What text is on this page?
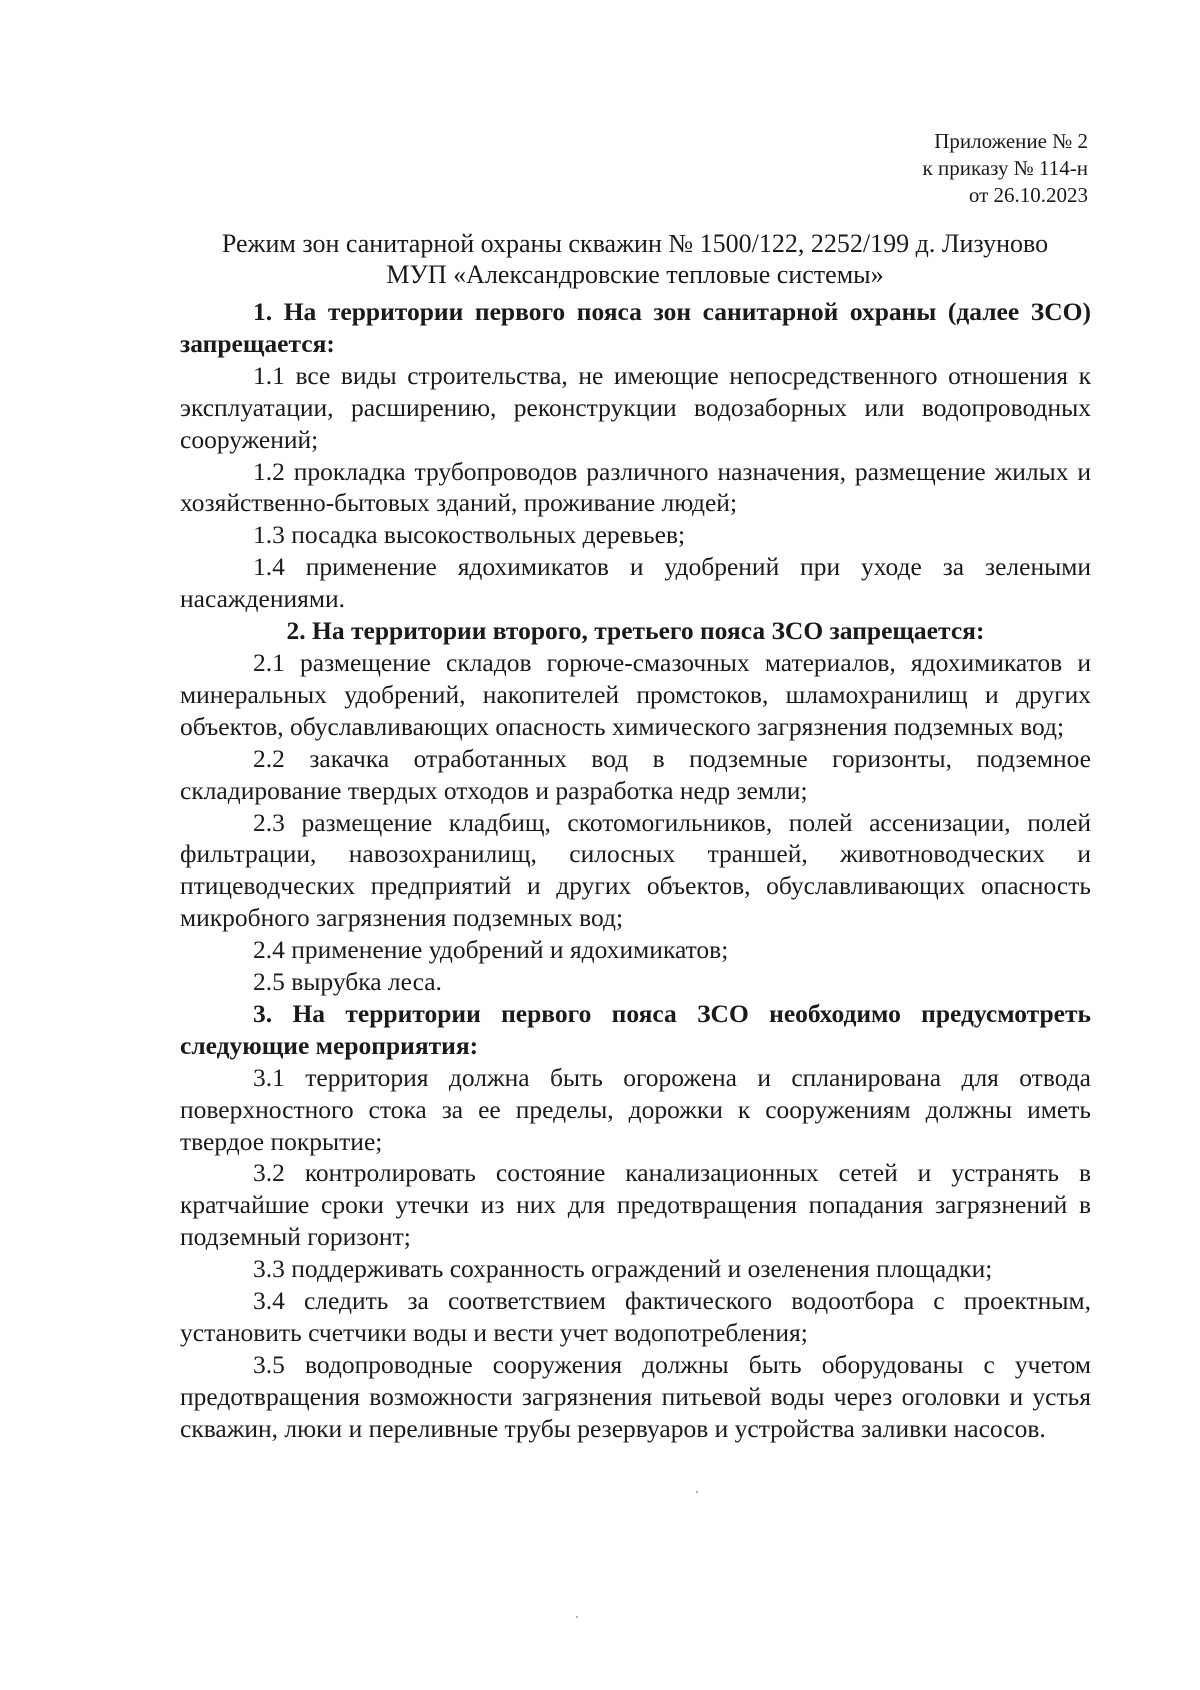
Приложение № 2
к приказу № 114-н
от 26.10.2023
Режим зон санитарной охраны скважин № 1500/122, 2252/199 д. Лизуново
МУП «Александровские тепловые системы»

1. На территории первого пояса зон санитарной охраны (далее ЗСО) запрещается:

1.1 все виды строительства, не имеющие непосредственного отношения к эксплуатации, расширению, реконструкции водозаборных или водопроводных сооружений;

1.2 прокладка трубопроводов различного назначения, размещение жилых и хозяйственно-бытовых зданий, проживание людей;

1.3 посадка высокоствольных деревьев;

1.4 применение ядохимикатов и удобрений при уходе за зелеными насаждениями.

2. На территории второго, третьего пояса ЗСО запрещается:

2.1 размещение складов горюче-смазочных материалов, ядохимикатов и минеральных удобрений, накопителей промстоков, шламохранилищ и других объектов, обуславливающих опасность химического загрязнения подземных вод;

2.2 закачка отработанных вод в подземные горизонты, подземное складирование твердых отходов и разработка недр земли;

2.3 размещение кладбищ, скотомогильников, полей ассенизации, полей фильтрации, навозохранилищ, силосных траншей, животноводческих и птицеводческих предприятий и других объектов, обуславливающих опасность микробного загрязнения подземных вод;

2.4 применение удобрений и ядохимикатов;

2.5 вырубка леса.

3. На территории первого пояса ЗСО необходимо предусмотреть следующие мероприятия:

3.1 территория должна быть огорожена и спланирована для отвода поверхностного стока за ее пределы, дорожки к сооружениям должны иметь твердое покрытие;

3.2 контролировать состояние канализационных сетей и устранять в кратчайшие сроки утечки из них для предотвращения попадания загрязнений в подземный горизонт;

3.3 поддерживать сохранность ограждений и озеленения площадки;

3.4 следить за соответствием фактического водоотбора с проектным, установить счетчики воды и вести учет водопотребления;

3.5 водопроводные сооружения должны быть оборудованы с учетом предотвращения возможности загрязнения питьевой воды через оголовки и устья скважин, люки и переливные трубы резервуаров и устройства заливки насосов.
